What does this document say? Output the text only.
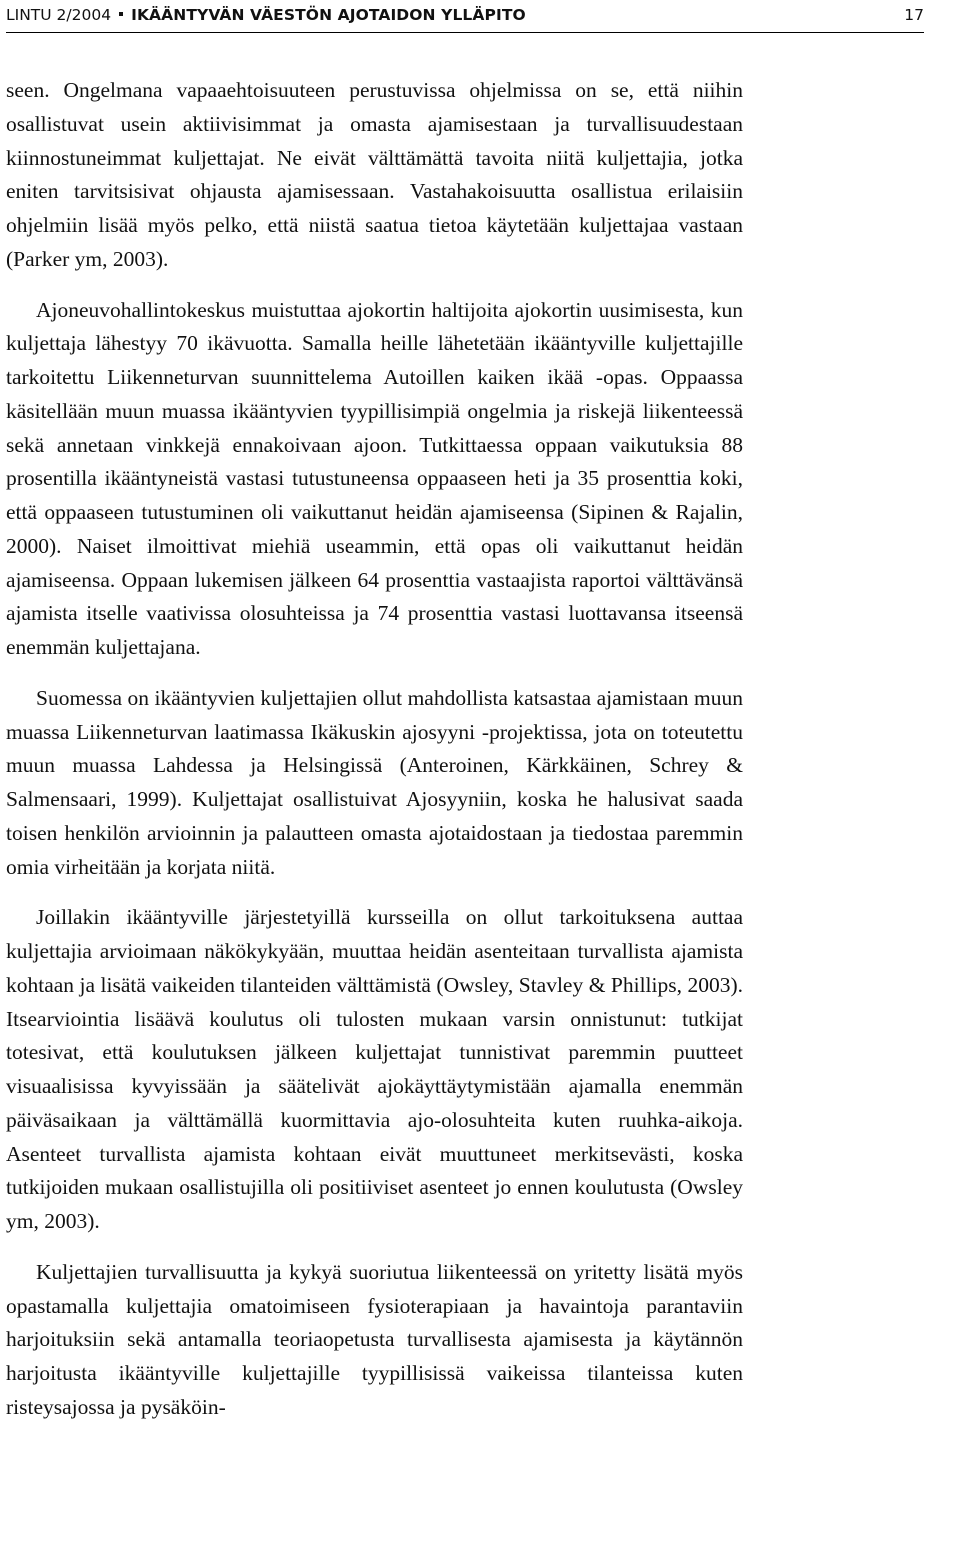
LINTU 2/2004 IKÄÄNTYVÄN VÄESTÖN AJOTAIDON YLLÄPITO	17

seen. Ongelmana vapaaehtoisuuteen perustuvissa ohjelmissa on se, että niihin osallistuvat usein aktiivisimmat ja omasta ajamisestaan ja turvallisuudestaan kiinnostuneimmat kuljettajat. Ne eivät välttämättä tavoita niitä kuljettajia, jotka eniten tarvitsisivat ohjausta ajamisessaan. Vastahakoisuutta osallistua erilaisiin ohjelmiin lisää myös pelko, että niistä saatua tietoa käytetään kuljettajaa vastaan (Parker ym, 2003).

Ajoneuvohallintokeskus muistuttaa ajokortin haltijoita ajokortin uusimisesta, kun kuljettaja lähestyy 70 ikävuotta. Samalla heille lähetetään ikääntyville kuljettajille tarkoitettu Liikenneturvan suunnittelema Autoillen kaiken ikää -opas. Oppaassa käsitellään muun muassa ikääntyvien tyypillisimpiä ongelmia ja riskejä liikenteessä sekä annetaan vinkkejä ennakoivaan ajoon. Tutkittaessa oppaan vaikutuksia 88 prosentilla ikääntyneistä vastasi tutustuneensa oppaaseen heti ja 35 prosenttia koki, että oppaaseen tutustuminen oli vaikuttanut heidän ajamiseensa (Sipinen & Rajalin, 2000). Naiset ilmoittivat miehiä useammin, että opas oli vaikuttanut heidän ajamiseensa. Oppaan lukemisen jälkeen 64 prosenttia vastaajista raportoi välttävänsä ajamista itselle vaativissa olosuhteissa ja 74 prosenttia vastasi luottavansa itseensä enemmän kuljettajana.

Suomessa on ikääntyvien kuljettajien ollut mahdollista katsastaa ajamistaan muun muassa Liikenneturvan laatimassa Ikäkuskin ajosyyni -projektissa, jota on toteutettu muun muassa Lahdessa ja Helsingissä (Anteroinen, Kärkkäinen, Schrey & Salmensaari, 1999). Kuljettajat osallistuivat Ajosyyniin, koska he halusivat saada toisen henkilön arvioinnin ja palautteen omasta ajotaidostaan ja tiedostaa paremmin omia virheitään ja korjata niitä.

Joillakin ikääntyville järjestetyillä kursseilla on ollut tarkoituksena auttaa kuljettajia arvioimaan näkökykyään, muuttaa heidän asenteitaan turvallista ajamista kohtaan ja lisätä vaikeiden tilanteiden välttämistä (Owsley, Stavley & Phillips, 2003). Itsearviointia lisäävä koulutus oli tulosten mukaan varsin onnistunut: tutkijat totesivat, että koulutuksen jälkeen kuljettajat tunnistivat paremmin puutteet visuaalisissa kyvyissään ja säätelivät ajokäyttäytymistään ajamalla enemmän päiväsaikaan ja välttämällä kuormittavia ajo-olosuhteita kuten ruuhka-aikoja. Asenteet turvallista ajamista kohtaan eivät muuttuneet merkitsevästi, koska tutkijoiden mukaan osallistujilla oli positiiviset asenteet jo ennen koulutusta (Owsley ym, 2003).

Kuljettajien turvallisuutta ja kykyä suoriutua liikenteessä on yritetty lisätä myös opastamalla kuljettajia omatoimiseen fysioterapiaan ja havaintoja parantaviin harjoituksiin sekä antamalla teoriaopetusta turvallisesta ajamisesta ja käytännön harjoitusta ikääntyville kuljettajille tyypillisissä vaikeissa tilanteissa kuten risteysajossa ja pysäköin-
